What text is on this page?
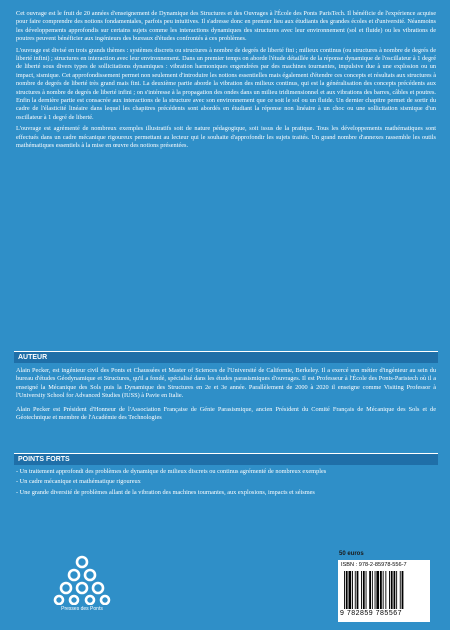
Cet ouvrage est le fruit de 20 années d'enseignement de Dynamique des Structures et des Ouvrages à l'École des Ponts ParisTech. Il bénéficie de l'expérience acquise pour faire comprendre des notions fondamentales, parfois peu intuitives. Il s'adresse donc en premier lieu aux étudiants des grandes écoles et d'université. Néanmoins les développements approfondis sur certains sujets comme les interactions dynamiques des structures avec leur environnement (sol et fluide) ou les vibrations de poutres peuvent bénéficier aux ingénieurs des bureaux d'études confrontés à ces problèmes.

L'ouvrage est divisé en trois grands thèmes : systèmes discrets ou structures à nombre de degrés de liberté fini ; milieux continus (ou structures à nombre de degrés de liberté infini) ; structures en interaction avec leur environnement. Dans un premier temps on aborde l'étude détaillée de la réponse dynamique de l'oscillateur à 1 degré de liberté sous divers types de sollicitations dynamiques : vibration harmoniques engendrées par des machines tournantes, impulsive due à une explosion ou un impact, sismique. Cet approfondissement permet non seulement d'introduire les notions essentielles mais également d'étendre ces concepts et résultats aux structures à nombre de degrés de liberté très grand mais fini. La deuxième partie aborde la vibration des milieux continus, qui est la généralisation des concepts précédents aux structures à nombre de degrés de liberté infini ; on s'intéresse à la propagation des ondes dans un milieu tridimensionnel et aux vibrations des barres, câbles et poutres. Enfin la dernière partie est consacrée aux interactions de la structure avec son environnement que ce soit le sol ou un fluide. Un dernier chapitre permet de sortir du cadre de l'élasticité linéaire dans lequel les chapitres précédents sont abordés en étudiant la réponse non linéaire à un choc ou une sollicitation sismique d'un oscillateur à 1 degré de liberté.

L'ouvrage est agrémenté de nombreux exemples illustratifs soit de nature pédagogique, soit issus de la pratique. Tous les développements mathématiques sont effectués dans un cadre mécanique rigoureux permettant au lecteur qui le souhaite d'approfondir les sujets traités. Un grand nombre d'annexes rassemble les outils mathématiques essentiels à la mise en œuvre des notions présentées.

AUTEUR

Alain Pecker, est ingénieur civil des Ponts et Chaussées et Master of Sciences de l'Université de Californie, Berkeley. Il a exercé son métier d'ingénieur au sein du bureau d'études Géodynamique et Structures, qu'il a fondé, spécialisé dans les études parasismiques d'ouvrages. Il est Professeur à l'École des Ponts-Paristech où il a enseigné la Mécanique des Sols puis la Dynamique des Structures en 2e et 3e année. Parallèlement de 2000 à 2020 il enseigne comme Visiting Professor à l'University School for Advanced Studies (IUSS) à Pavie en Italie.

Alain Pecker est Président d'Honneur de l'Association Française de Génie Parasismique, ancien Président du Comité Français de Mécanique des Sols et de Géotechnique et membre de l'Académie des Technologies

POINTS FORTS
- Un traitement approfondi des problèmes de dynamique de milieux discrets ou continus agrémenté de nombreux exemples
- Un cadre mécanique et mathématique rigoureux
- Une grande diversité de problèmes allant de la vibration des machines tournantes, aux explosions, impacts et séismes
Presses des Ponts
50 euros
ISBN : 978-2-85978-556-7
9 782859 785567
